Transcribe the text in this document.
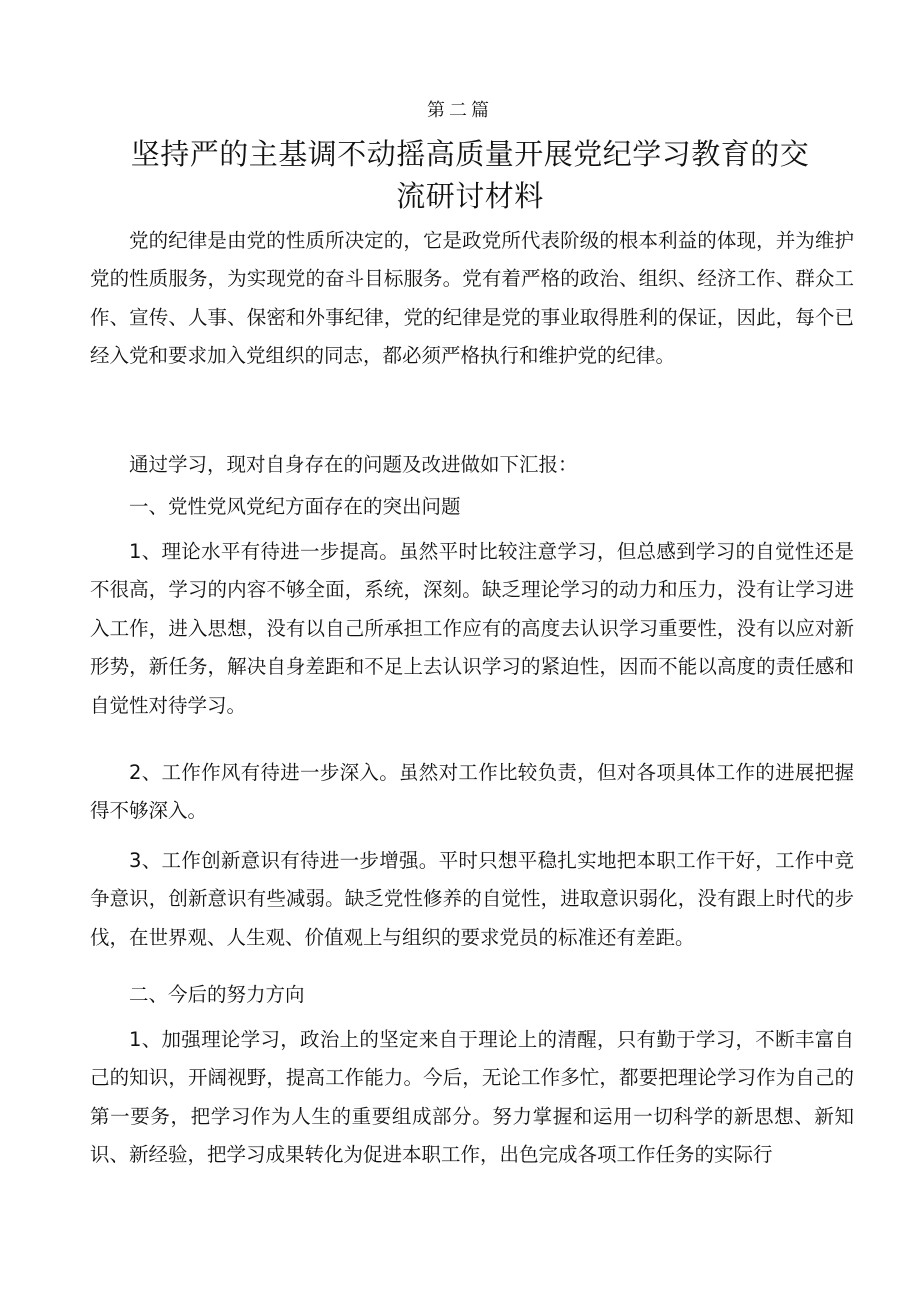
第二篇
坚持严的主基调不动摇高质量开展党纪学习教育的交流研讨材料

党的纪律是由党的性质所决定的，它是政党所代表阶级的根本利益的体现，并为维护党的性质服务，为实现党的奋斗目标服务。党有着严格的政治、组织、经济工作、群众工作、宣传、人事、保密和外事纪律，党的纪律是党的事业取得胜利的保证，因此，每个已经入党和要求加入党组织的同志，都必须严格执行和维护党的纪律。

通过学习，现对自身存在的问题及改进做如下汇报：

一、党性党风党纪方面存在的突出问题

1、理论水平有待进一步提高。虽然平时比较注意学习，但总感到学习的自觉性还是不很高，学习的内容不够全面，系统，深刻。缺乏理论学习的动力和压力，没有让学习进入工作，进入思想，没有以自己所承担工作应有的高度去认识学习重要性，没有以应对新形势，新任务，解决自身差距和不足上去认识学习的紧迫性，因而不能以高度的责任感和自觉性对待学习。

2、工作作风有待进一步深入。虽然对工作比较负责，但对各项具体工作的进展把握得不够深入。

3、工作创新意识有待进一步增强。平时只想平稳扎实地把本职工作干好，工作中竞争意识，创新意识有些减弱。缺乏党性修养的自觉性，进取意识弱化，没有跟上时代的步伐，在世界观、人生观、价值观上与组织的要求党员的标准还有差距。

二、今后的努力方向

1、加强理论学习，政治上的坚定来自于理论上的清醒，只有勤于学习，不断丰富自己的知识，开阔视野，提高工作能力。今后，无论工作多忙，都要把理论学习作为自己的第一要务，把学习作为人生的重要组成部分。努力掌握和运用一切科学的新思想、新知识、新经验，把学习成果转化为促进本职工作，出色完成各项工作任务的实际行
